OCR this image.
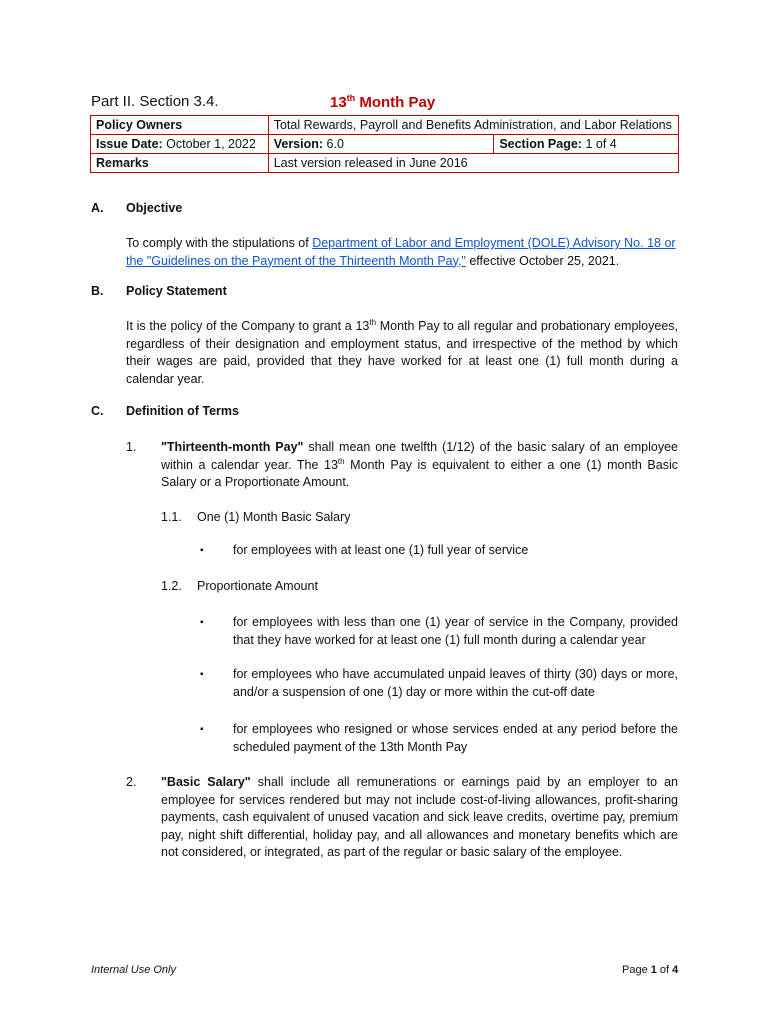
Part II. Section 3.4.	13th Month Pay
Policy Owners	Total Rewards, Payroll and Benefits Administration, and Labor Relations	
Issue Date: October 1, 2022	Version: 6.0	Section Page: 1 of 4
Remarks	Last version released in June 2016	
A. Objective
To comply with the stipulations of Department of Labor and Employment (DOLE) Advisory No. 18 or the "Guidelines on the Payment of the Thirteenth Month Pay," effective October 25, 2021.
B. Policy Statement
It is the policy of the Company to grant a 13th Month Pay to all regular and probationary employees, regardless of their designation and employment status, and irrespective of the method by which their wages are paid, provided that they have worked for at least one (1) full month during a calendar year.
C. Definition of Terms
1. "Thirteenth-month Pay" shall mean one twelfth (1/12) of the basic salary of an employee within a calendar year. The 13th Month Pay is equivalent to either a one (1) month Basic Salary or a Proportionate Amount.
1.1. One (1) Month Basic Salary
▪ for employees with at least one (1) full year of service
1.2. Proportionate Amount
▪ for employees with less than one (1) year of service in the Company, provided that they have worked for at least one (1) full month during a calendar year
▪ for employees who have accumulated unpaid leaves of thirty (30) days or more, and/or a suspension of one (1) day or more within the cut-off date
▪ for employees who resigned or whose services ended at any period before the scheduled payment of the 13th Month Pay
2. "Basic Salary" shall include all remunerations or earnings paid by an employer to an employee for services rendered but may not include cost-of-living allowances, profit-sharing payments, cash equivalent of unused vacation and sick leave credits, overtime pay, premium pay, night shift differential, holiday pay, and all allowances and monetary benefits which are not considered, or integrated, as part of the regular or basic salary of the employee.
Internal Use Only	Page 1 of 4
